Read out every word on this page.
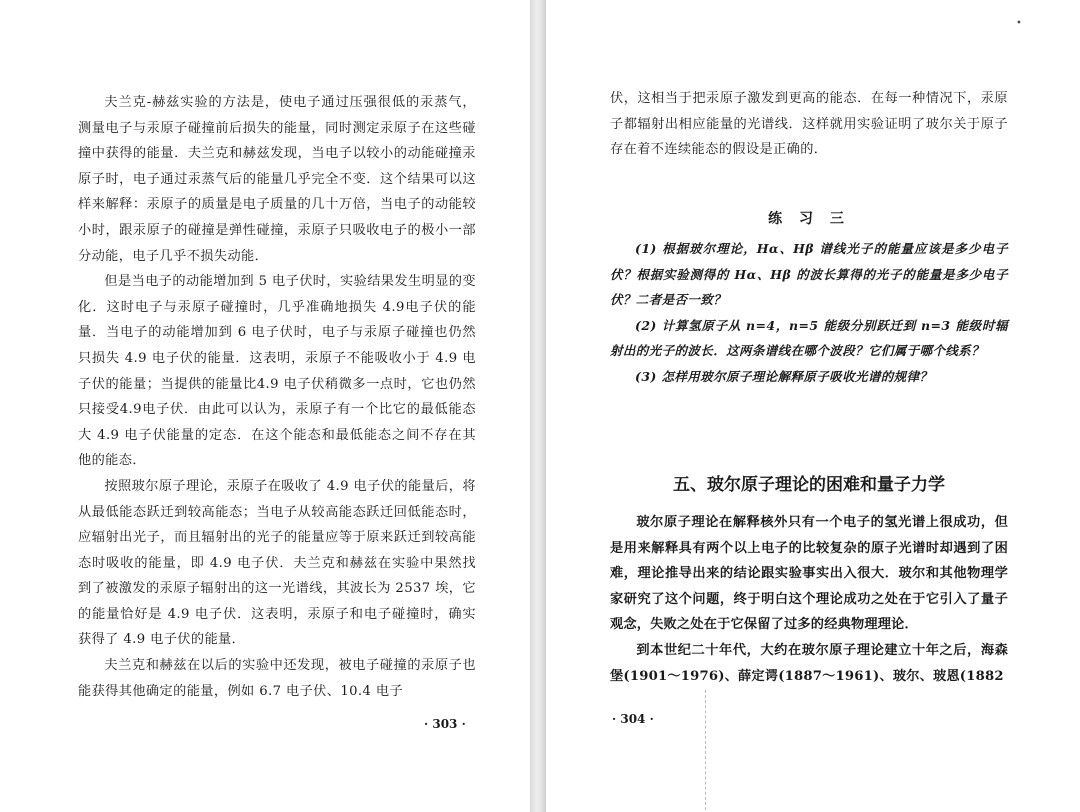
夫兰克-赫兹实验的方法是，使电子通过压强很低的汞蒸气，测量电子与汞原子碰撞前后损失的能量，同时测定汞原子在这些碰撞中获得的能量．夫兰克和赫兹发现，当电子以较小的动能碰撞汞原子时，电子通过汞蒸气后的能量几乎完全不变．这个结果可以这样来解释：汞原子的质量是电子质量的几十万倍，当电子的动能较小时，跟汞原子的碰撞是弹性碰撞，汞原子只吸收电子的极小一部分动能，电子几乎不损失动能．

但是当电子的动能增加到 5 电子伏时，实验结果发生明显的变化．这时电子与汞原子碰撞时，几乎准确地损失 4.9电子伏的能量．当电子的动能增加到 6 电子伏时，电子与汞原子碰撞也仍然只损失 4.9 电子伏的能量．这表明，汞原子不能吸收小于 4.9 电子伏的能量；当提供的能量比4.9 电子伏稍微多一点时，它也仍然只接受4.9电子伏．由此可以认为，汞原子有一个比它的最低能态大 4.9 电子伏能量的定态．在这个能态和最低能态之间不存在其他的能态．

按照玻尔原子理论，汞原子在吸收了 4.9 电子伏的能量后，将从最低能态跃迁到较高能态；当电子从较高能态跃迁回低能态时，应辐射出光子，而且辐射出的光子的能量应等于原来跃迁到较高能态时吸收的能量，即 4.9 电子伏．夫兰克和赫兹在实验中果然找到了被激发的汞原子辐射出的这一光谱线，其波长为 2537 埃，它的能量恰好是 4.9 电子伏．这表明，汞原子和电子碰撞时，确实获得了 4.9 电子伏的能量．

夫兰克和赫兹在以后的实验中还发现，被电子碰撞的汞原子也能获得其他确定的能量，例如 6.7 电子伏、10.4 电子

· 303 ·

伏，这相当于把汞原子激发到更高的能态．在每一种情况下，汞原子都辐射出相应能量的光谱线．这样就用实验证明了玻尔关于原子存在着不连续能态的假设是正确的．

练 习 三

(1) 根据玻尔理论，Hα、Hβ 谱线光子的能量应该是多少电子伏？根据实验测得的 Hα、Hβ 的波长算得的光子的能量是多少电子伏？二者是否一致？

(2) 计算氢原子从 n=4，n=5 能级分别跃迁到 n=3 能级时辐射出的光子的波长．这两条谱线在哪个波段？它们属于哪个线系？

(3) 怎样用玻尔原子理论解释原子吸收光谱的规律？

五、玻尔原子理论的困难和量子力学

玻尔原子理论在解释核外只有一个电子的氢光谱上很成功，但是用来解释具有两个以上电子的比较复杂的原子光谱时却遇到了困难，理论推导出来的结论跟实验事实出入很大．玻尔和其他物理学家研究了这个问题，终于明白这个理论成功之处在于它引入了量子观念，失败之处在于它保留了过多的经典物理理论．

到本世纪二十年代，大约在玻尔原子理论建立十年之后，海森堡(1901～1976)、薛定谔(1887～1961)、玻尔、玻恩(1882

· 304 ·
•
